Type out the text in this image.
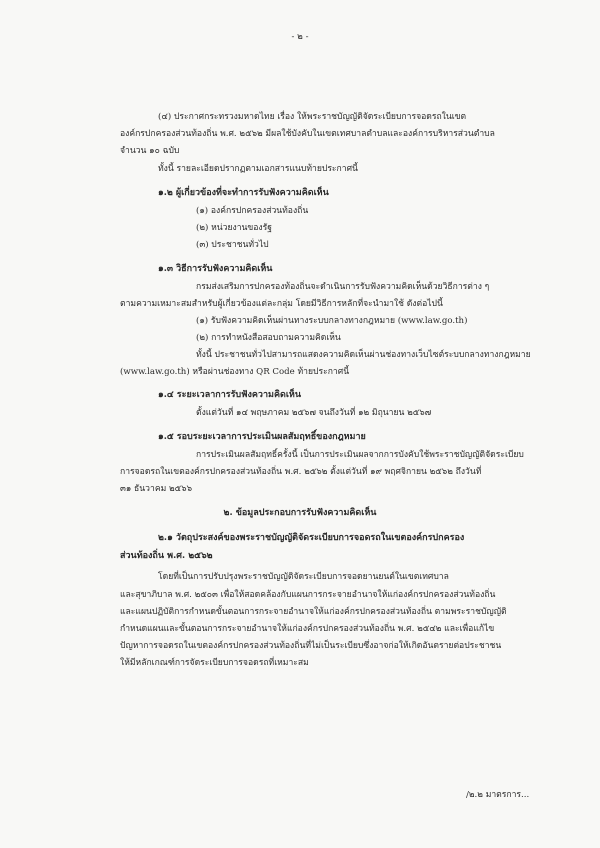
- ๒ -
(๔) ประกาศกระทรวงมหาดไทย เรื่อง ให้พระราชบัญญัติจัดระเบียบการจอดรถในเขต
องค์กรปกครองส่วนท้องถิ่น พ.ศ. ๒๕๖๒ มีผลใช้บังคับในเขตเทศบาลตำบลและองค์การบริหารส่วนตำบล
จำนวน ๑๐ ฉบับ
ทั้งนี้ รายละเอียดปรากฏตามเอกสารแนบท้ายประกาศนี้
๑.๒ ผู้เกี่ยวข้องที่จะทำการรับฟังความคิดเห็น
(๑) องค์กรปกครองส่วนท้องถิ่น
(๒) หน่วยงานของรัฐ
(๓) ประชาชนทั่วไป
๑.๓ วิธีการรับฟังความคิดเห็น
กรมส่งเสริมการปกครองท้องถิ่นจะดำเนินการรับฟังความคิดเห็นด้วยวิธีการต่าง ๆ
ตามความเหมาะสมสำหรับผู้เกี่ยวข้องแต่ละกลุ่ม โดยมีวิธีการหลักที่จะนำมาใช้ ดังต่อไปนี้
(๑) รับฟังความคิดเห็นผ่านทางระบบกลางทางกฎหมาย (www.law.go.th)
(๒) การทำหนังสือสอบถามความคิดเห็น
ทั้งนี้ ประชาชนทั่วไปสามารถแสดงความคิดเห็นผ่านช่องทางเว็บไซต์ระบบกลางทางกฎหมาย
(www.law.go.th) หรือผ่านช่องทาง QR Code ท้ายประกาศนี้
๑.๔ ระยะเวลาการรับฟังความคิดเห็น
ตั้งแต่วันที่ ๑๔ พฤษภาคม ๒๕๖๗ จนถึงวันที่ ๑๒ มิถุนายน ๒๕๖๗
๑.๕ รอบระยะเวลาการประเมินผลสัมฤทธิ์ของกฎหมาย
การประเมินผลสัมฤทธิ์ครั้งนี้ เป็นการประเมินผลจากการบังคับใช้พระราชบัญญัติจัดระเบียบ
การจอดรถในเขตองค์กรปกครองส่วนท้องถิ่น พ.ศ. ๒๕๖๒ ตั้งแต่วันที่ ๑๙ พฤศจิกายน ๒๕๖๒ ถึงวันที่
๓๑ ธันวาคม ๒๕๖๖
๒. ข้อมูลประกอบการรับฟังความคิดเห็น
๒.๑ วัตถุประสงค์ของพระราชบัญญัติจัดระเบียบการจอดรถในเขตองค์กรปกครอง
ส่วนท้องถิ่น พ.ศ. ๒๕๖๒
โดยที่เป็นการปรับปรุงพระราชบัญญัติจัดระเบียบการจอดยานยนต์ในเขตเทศบาล
และสุขาภิบาล พ.ศ. ๒๕๐๓ เพื่อให้สอดคล้องกับแผนการกระจายอำนาจให้แก่องค์กรปกครองส่วนท้องถิ่น
และแผนปฏิบัติการกำหนดขั้นตอนการกระจายอำนาจให้แก่องค์กรปกครองส่วนท้องถิ่น ตามพระราชบัญญัติ
กำหนดแผนและขั้นตอนการกระจายอำนาจให้แก่องค์กรปกครองส่วนท้องถิ่น พ.ศ. ๒๕๔๒ และเพื่อแก้ไข
ปัญหาการจอดรถในเขตองค์กรปกครองส่วนท้องถิ่นที่ไม่เป็นระเบียบซึ่งอาจก่อให้เกิดอันตรายต่อประชาชน
ให้มีหลักเกณฑ์การจัดระเบียบการจอดรถที่เหมาะสม
/๒.๒ มาตรการ...
